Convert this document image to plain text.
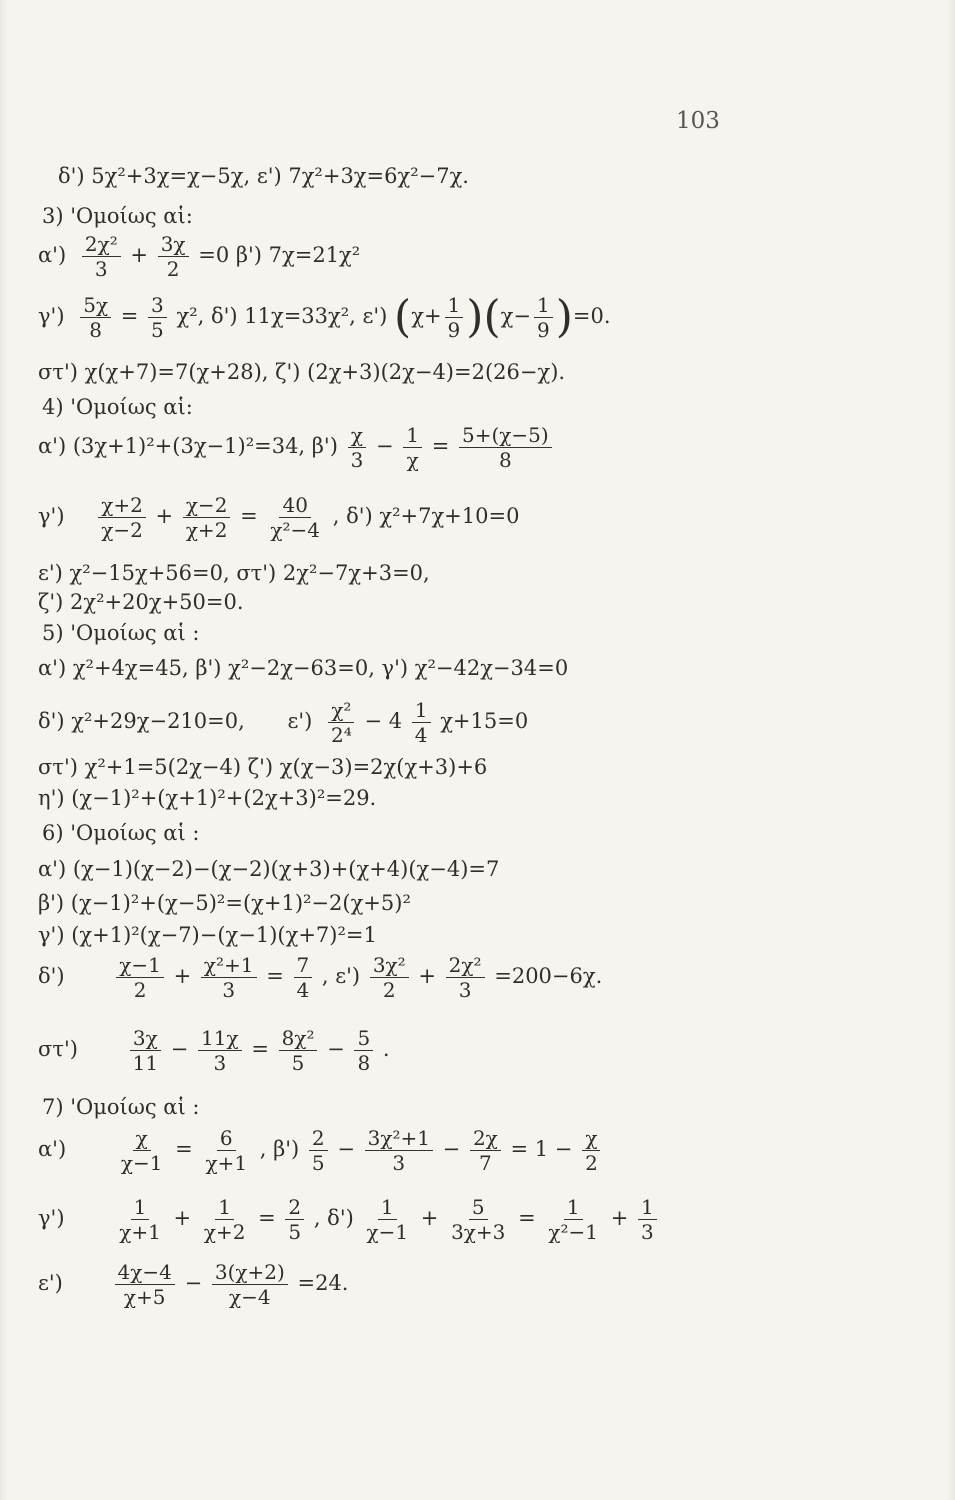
103
δ') 5χ²+3χ=χ−5χ, ε') 7χ²+3χ=6χ²−7χ.
3) 'Ομοίως αἱ:
$\alpha') \frac{\text{2χ²}}{3} + \frac{3\chi}{2} =0$ β') 7χ=21χ²
$\gamma') \frac{5\chi}{8} = \frac{3}{5} \chi^2$, δ') 11χ=33χ², ε') $(\chi+ \frac{1}{9} )(\chi- \frac{1}{9} )=0$.
στ') χ(χ+7)=7(χ+28), ζ') (2χ+3)(2χ−4)=2(26−χ).
4) 'Ομοίως αἱ:
α') (3χ+1)²+(3χ−1)²=34, $\beta') \frac{\chi}{3} - \frac{1}{\chi} = \frac{5+(\chi-5)}{8}$
$\gamma') \frac{\chi+2}{\chi-2} + \frac{\chi-2}{\chi+2} = \frac{40}{\text{χ²−4}}$ , δ') χ²+7χ+10=0
ε') χ²−15χ+56=0, στ') 2χ²−7χ+3=0,
ζ') 2χ²+20χ+50=0.
5) 'Ομοίως αἱ :
α') χ²+4χ=45, β') χ²−2χ−63=0, γ') χ²−42χ−34=0
δ') χ²+29χ−210=0, $\varepsilon') \frac{\text{χ²}}{\text{2⁴}} - 4 \frac{1}{4} \chi+15=0$
στ') χ²+1=5(2χ−4) ζ') χ(χ−3)=2χ(χ+3)+6
η') (χ−1)²+(χ+1)²+(2χ+3)²=29.
6) 'Ομοίως αἱ :
α') (χ−1)(χ−2)−(χ−2)(χ+3)+(χ+4)(χ−4)=7
β') (χ−1)²+(χ−5)²=(χ+1)²−2(χ+5)²
γ') (χ+1)²(χ−7)−(χ−1)(χ+7)²=1
δ')	$\frac{\chi-1}{2} + \frac{\text{χ²+1}}{3} = \frac{7}{4}$ , $\varepsilon') \frac{\text{3χ²}}{2} + \frac{\text{2χ²}}{3} =200-6\chi$.
στ')	$\frac{3\chi}{11} - \frac{11\chi}{3} = \frac{\text{8χ²}}{5} - \frac{5}{8}$ .
7) 'Ομοίως αἱ :
α')	$\frac{\chi}{\chi-1} = \frac{6}{\chi+1}$ , $\beta') \frac{2}{5} - \frac{\text{3χ²+1}}{3} - \frac{2\chi}{7} = 1 - \frac{\chi}{2}$
γ')	$\frac{1}{\chi+1} + \frac{1}{\chi+2} = \frac{2}{5}$ , $\delta') \frac{1}{\chi-1} + \frac{5}{3\chi+3} = \frac{1}{\text{χ²−1}} + \frac{1}{3}$
ε')	$\frac{4\chi-4}{\chi+5} - \frac{3(\chi+2)}{\chi-4} =24$.
